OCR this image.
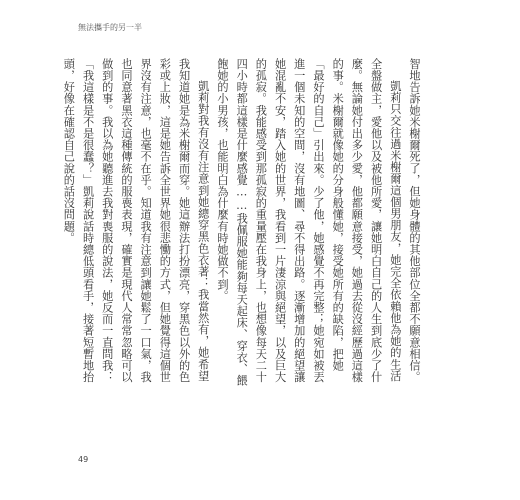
無法攜手的另一半

智地告訴她米榭爾死了，但她身體的其他部位全都不願意相信。

凱莉只交往過米榭爾這個男朋友，她完全依賴他為她的生活全盤做主，愛他以及被他所愛，讓她明白自己的人生到底少了什麼。無論她付出多少愛，他都願意接受，她過去從沒經歷過這樣的事。米榭爾就像她的分身般懂她，接受她所有的缺陷，把她「最好的自己」引出來。少了他，她感覺不再完整；她宛如被丟進一個未知的空間，沒有地圖、尋不得出路。逐漸增加的絕望讓她混亂不安，踏入她的世界，我看到一片淒涼與絕望，以及巨大的孤寂。我能感受到那孤寂的重量壓在我身上，也想像每天二十四小時都這樣是什麼感覺……我佩服她能夠每天起床、穿衣、餵飽她的小男孩，也能明白為什麼有時她做不到。

凱莉對我有沒有注意到她總穿黑色衣著：我當然有，她希望我知道她是為米榭爾而穿。她這辦法打扮漂亮，穿黑色以外的色彩或上妝，這是她告訴全世界她很悲慟的方式，但她覺得這個世界沒有注意，也毫不在乎。知道我有注意到讓她鬆了一口氣，我也同意著黑衣這種傳統的服喪表現，確實是現代人常常忽略可以做到的事。我以為她聽進去我對喪服的說法，她反而一直問我：「我這樣是不是很蠢？」凱莉說話時總低頭看手，接著短暫地抬頭，好像在確認自己說的話沒問題。

49
